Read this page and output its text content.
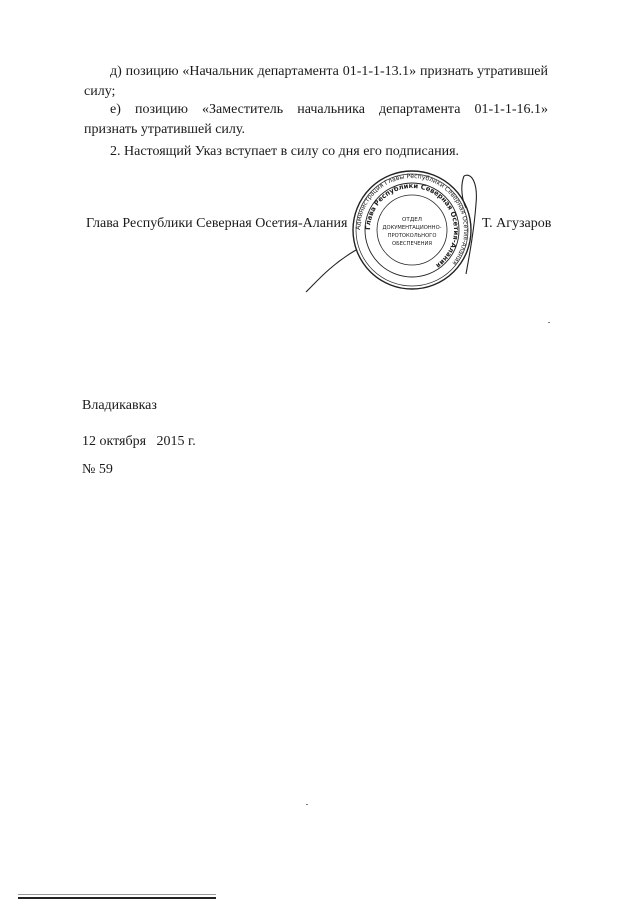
д) позицию «Начальник департамента 01-1-1-13.1» признать утратившей силу;

е) позицию «Заместитель начальника департамента 01-1-1-16.1» признать утратившей силу.

2. Настоящий Указ вступает в силу со дня его подписания.

Глава Республики Северная Осетия-Алания	Т. Агузаров
Администрация Главы Республики Северная Осетия-Алания
Глава Республики Северная Осетия-Алания
ОТДЕЛ
ДОКУМЕНТАЦИОННО-
ПРОТОКОЛЬНОГО
ОБЕСПЕЧЕНИЯ
Владикавказ
12 октября   2015 г.
№ 59
